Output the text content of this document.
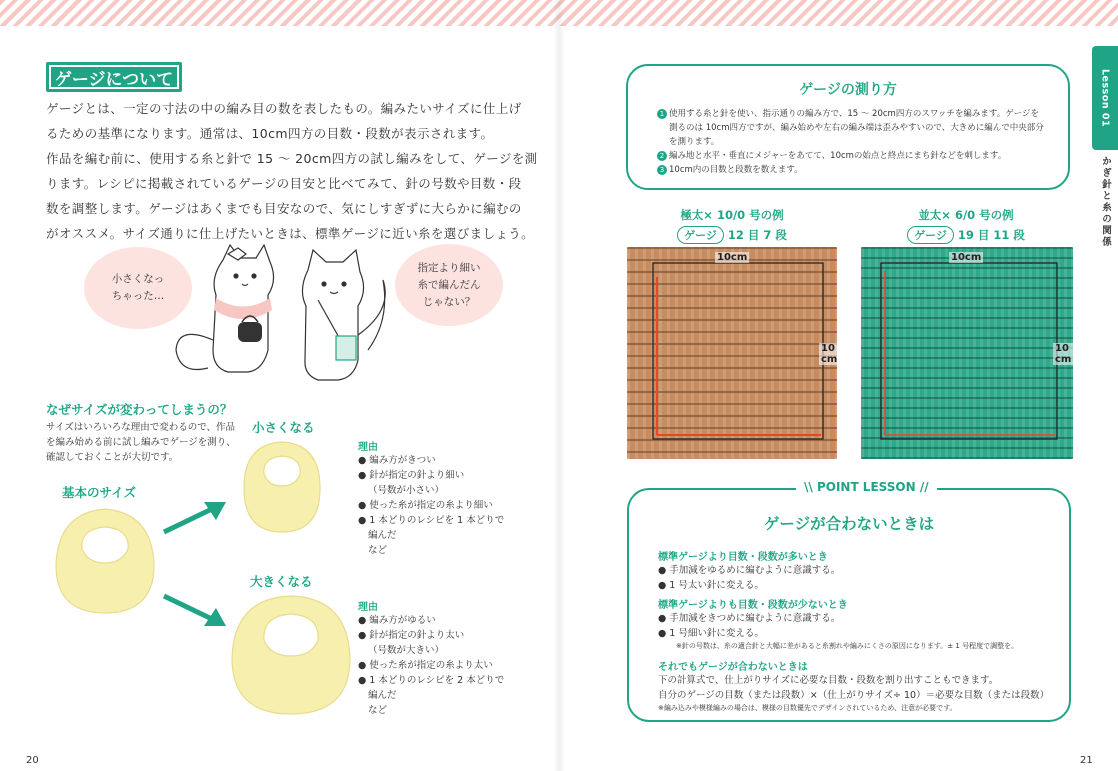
ゲージについて

ゲージとは、一定の寸法の中の編み目の数を表したもの。編みたいサイズに仕上げ

るための基準になります。通常は、10cm四方の目数・段数が表示されます。

作品を編む前に、使用する糸と針で 15 ～ 20cm四方の試し編みをして、ゲージを測

ります。レシピに掲載されているゲージの目安と比べてみて、針の号数や目数・段

数を調整します。ゲージはあくまでも目安なので、気にしすぎずに大らかに編むの

がオススメ。サイズ通りに仕上げたいときは、標準ゲージに近い糸を選びましょう。

小さくなっ
ちゃった…
指定より細い
糸で編んだん
じゃない？
なぜサイズが変わってしまうの？

サイズはいろいろな理由で変わるので、作品

を編み始める前に試し編みでゲージを測り、

確認しておくことが大切です。

基本のサイズ
小さくなる
大きくなる
理由
● 編み方がきつい
● 針が指定の針より細い
（号数が小さい）
● 使った糸が指定の糸より細い
● 1 本どりのレシピを 1 本どりで
編んだ
など
理由
● 編み方がゆるい
● 針が指定の針より太い
（号数が大きい）
● 使った糸が指定の糸より太い
● 1 本どりのレシピを 2 本どりで
編んだ
など
20
ゲージの測り方
1 使用する糸と針を使い、指示通りの編み方で、15 ～ 20cm四方のスワッチを編みます。ゲージを
測るのは 10cm四方ですが、編み始めや左右の編み端は歪みやすいので、大きめに編んで中央部分
を測ります。
2 編み地と水平・垂直にメジャーをあてて、10cmの始点と終点にまち針などを刺します。
3 10cm内の目数と段数を数えます。
極太× 10/0 号の例
ゲージ 12 目 7 段
並太× 6/0 号の例
ゲージ 19 目 11 段
10cm
10
cm
10cm
10
cm
\\ POINT LESSON //
ゲージが合わないときは
標準ゲージより目数・段数が多いとき
● 手加減をゆるめに編むように意識する。
● 1 号太い針に変える。
標準ゲージよりも目数・段数が少ないとき
● 手加減をきつめに編むように意識する。
● 1 号細い針に変える。
※針の号数は、糸の適合針と大幅に差があると糸割れや編みにくさの原因になります。± 1 号程度で調整を。
それでもゲージが合わないときは
下の計算式で、仕上がりサイズに必要な目数・段数を割り出すこともできます。
自分のゲージの目数（または段数）×（仕上がりサイズ÷ 10）＝必要な目数（または段数）
※編み込みや模様編みの場合は、模様の目数優先でデザインされているため、注意が必要です。
Lesson 01
かぎ針と糸の関係
21
